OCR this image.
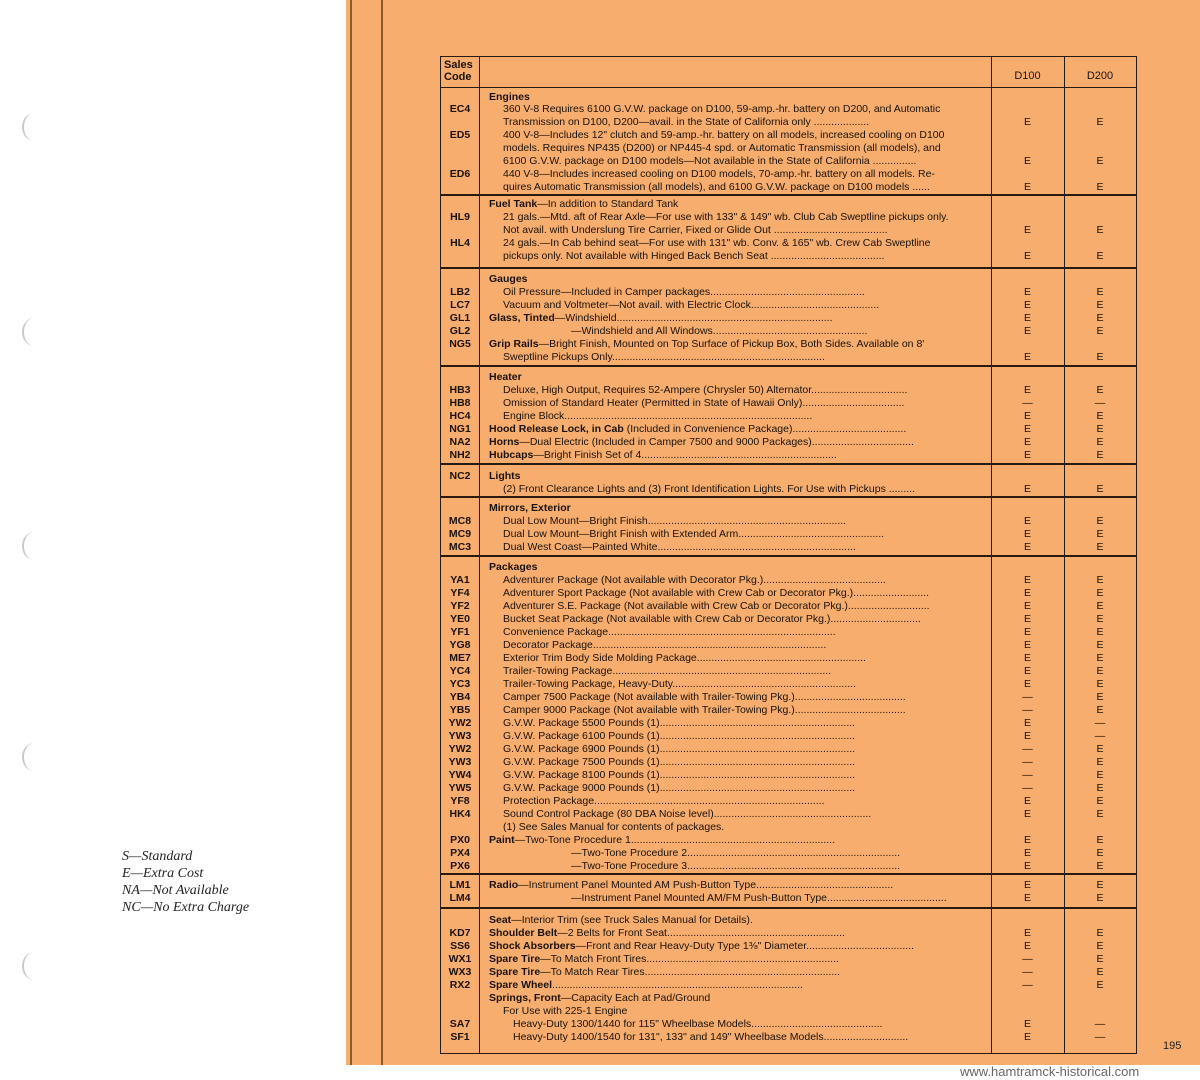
S—Standard
E—Extra Cost
NA—Not Available
NC—No Extra Charge
Sales
Code	D100	D200
Engines
EC4	360 V-8 Requires 6100 G.V.W. package on D100, 59-amp.-hr. battery on D200, and Automatic
Transmission on D100, D200—avail. in the State of California only ...................	E	E
ED5	400 V-8—Includes 12" clutch and 59-amp.-hr. battery on all models, increased cooling on D100
models. Requires NP435 (D200) or NP445-4 spd. or Automatic Transmission (all models), and
6100 G.V.W. package on D100 models—Not available in the State of California ...............	E	E
ED6	440 V-8—Includes increased cooling on D100 models, 70-amp.-hr. battery on all models. Re-
quires Automatic Transmission (all models), and 6100 G.V.W. package on D100 models ......	E	E
Fuel Tank—In addition to Standard Tank
HL9	21 gals.—Mtd. aft of Rear Axle—For use with 133" & 149" wb. Club Cab Sweptline pickups only.
Not avail. with Underslung Tire Carrier, Fixed or Glide Out .......................................	E	E
HL4	24 gals.—In Cab behind seat—For use with 131" wb. Conv. & 165" wb. Crew Cab Sweptline
pickups only. Not available with Hinged Back Bench Seat .......................................	E	E
Gauges
LB2	Oil Pressure—Included in Camper packages.....................................................	E	E
LC7	Vacuum and Voltmeter—Not avail. with Electric Clock............................................	E	E
GL1	Glass, Tinted—Windshield..........................................................................	E	E
GL2	—Windshield and All Windows.....................................................	E	E
NG5	Grip Rails—Bright Finish, Mounted on Top Surface of Pickup Box, Both Sides. Available on 8'
Sweptline Pickups Only.........................................................................	E	E
Heater
HB3	Deluxe, High Output, Requires 52-Ampere (Chrysler 50) Alternator.................................	E	E
HB8	Omission of Standard Heater (Permitted in State of Hawaii Only)...................................	—	—
HC4	Engine Block.....................................................................................	E	E
NG1	Hood Release Lock, in Cab (Included in Convenience Package).......................................	E	E
NA2	Horns—Dual Electric (Included in Camper 7500 and 9000 Packages)...................................	E	E
NH2	Hubcaps—Bright Finish Set of 4...................................................................	E	E
NC2	Lights
(2) Front Clearance Lights and (3) Front Identification Lights. For Use with Pickups .........	E	E
Mirrors, Exterior
MC8	Dual Low Mount—Bright Finish....................................................................	E	E
MC9	Dual Low Mount—Bright Finish with Extended Arm..................................................	E	E
MC3	Dual West Coast—Painted White....................................................................	E	E
Packages
YA1	Adventurer Package (Not available with Decorator Pkg.)..........................................	E	E
YF4	Adventurer Sport Package (Not available with Crew Cab or Decorator Pkg.)..........................	E	E
YF2	Adventurer S.E. Package (Not available with Crew Cab or Decorator Pkg.)............................	E	E
YE0	Bucket Seat Package (Not available with Crew Cab or Decorator Pkg.)...............................	E	E
YF1	Convenience Package..............................................................................	E	E
YG8	Decorator Package................................................................................	E	E
ME7	Exterior Trim Body Side Molding Package..........................................................	E	E
YC4	Trailer-Towing Package...........................................................................	E	E
YC3	Trailer-Towing Package, Heavy-Duty...............................................................	E	E
YB4	Camper 7500 Package (Not available with Trailer-Towing Pkg.)......................................	—	E
YB5	Camper 9000 Package (Not available with Trailer-Towing Pkg.)......................................	—	E
YW2	G.V.W. Package 5500 Pounds (1)...................................................................	E	—
YW3	G.V.W. Package 6100 Pounds (1)...................................................................	E	—
YW2	G.V.W. Package 6900 Pounds (1)...................................................................	—	E
YW3	G.V.W. Package 7500 Pounds (1)...................................................................	—	E
YW4	G.V.W. Package 8100 Pounds (1)...................................................................	—	E
YW5	G.V.W. Package 9000 Pounds (1)...................................................................	—	E
YF8	Protection Package...............................................................................	E	E
HK4	Sound Control Package (80 DBA Noise level)......................................................	E	E
(1) See Sales Manual for contents of packages.
PX0	Paint—Two-Tone Procedure 1......................................................................	E	E
PX4	—Two-Tone Procedure 2.........................................................................	E	E
PX6	—Two-Tone Procedure 3.........................................................................	E	E
LM1	Radio—Instrument Panel Mounted AM Push-Button Type...............................................	E	E
LM4	—Instrument Panel Mounted AM/FM Push-Button Type.........................................	E	E
Seat—Interior Trim (see Truck Sales Manual for Details).
KD7	Shoulder Belt—2 Belts for Front Seat.............................................................	E	E
SS6	Shock Absorbers—Front and Rear Heavy-Duty Type 1⅜" Diameter.....................................	E	E
WX1	Spare Tire—To Match Front Tires..................................................................	—	E
WX3	Spare Tire—To Match Rear Tires...................................................................	—	E
RX2	Spare Wheel......................................................................................	—	E
Springs, Front—Capacity Each at Pad/Ground
For Use with 225-1 Engine
SA7	Heavy-Duty 1300/1440 for 115" Wheelbase Models.............................................	E	—
SF1	Heavy-Duty 1400/1540 for 131", 133" and 149" Wheelbase Models.............................	E	—
195
www.hamtramck-historical.com
